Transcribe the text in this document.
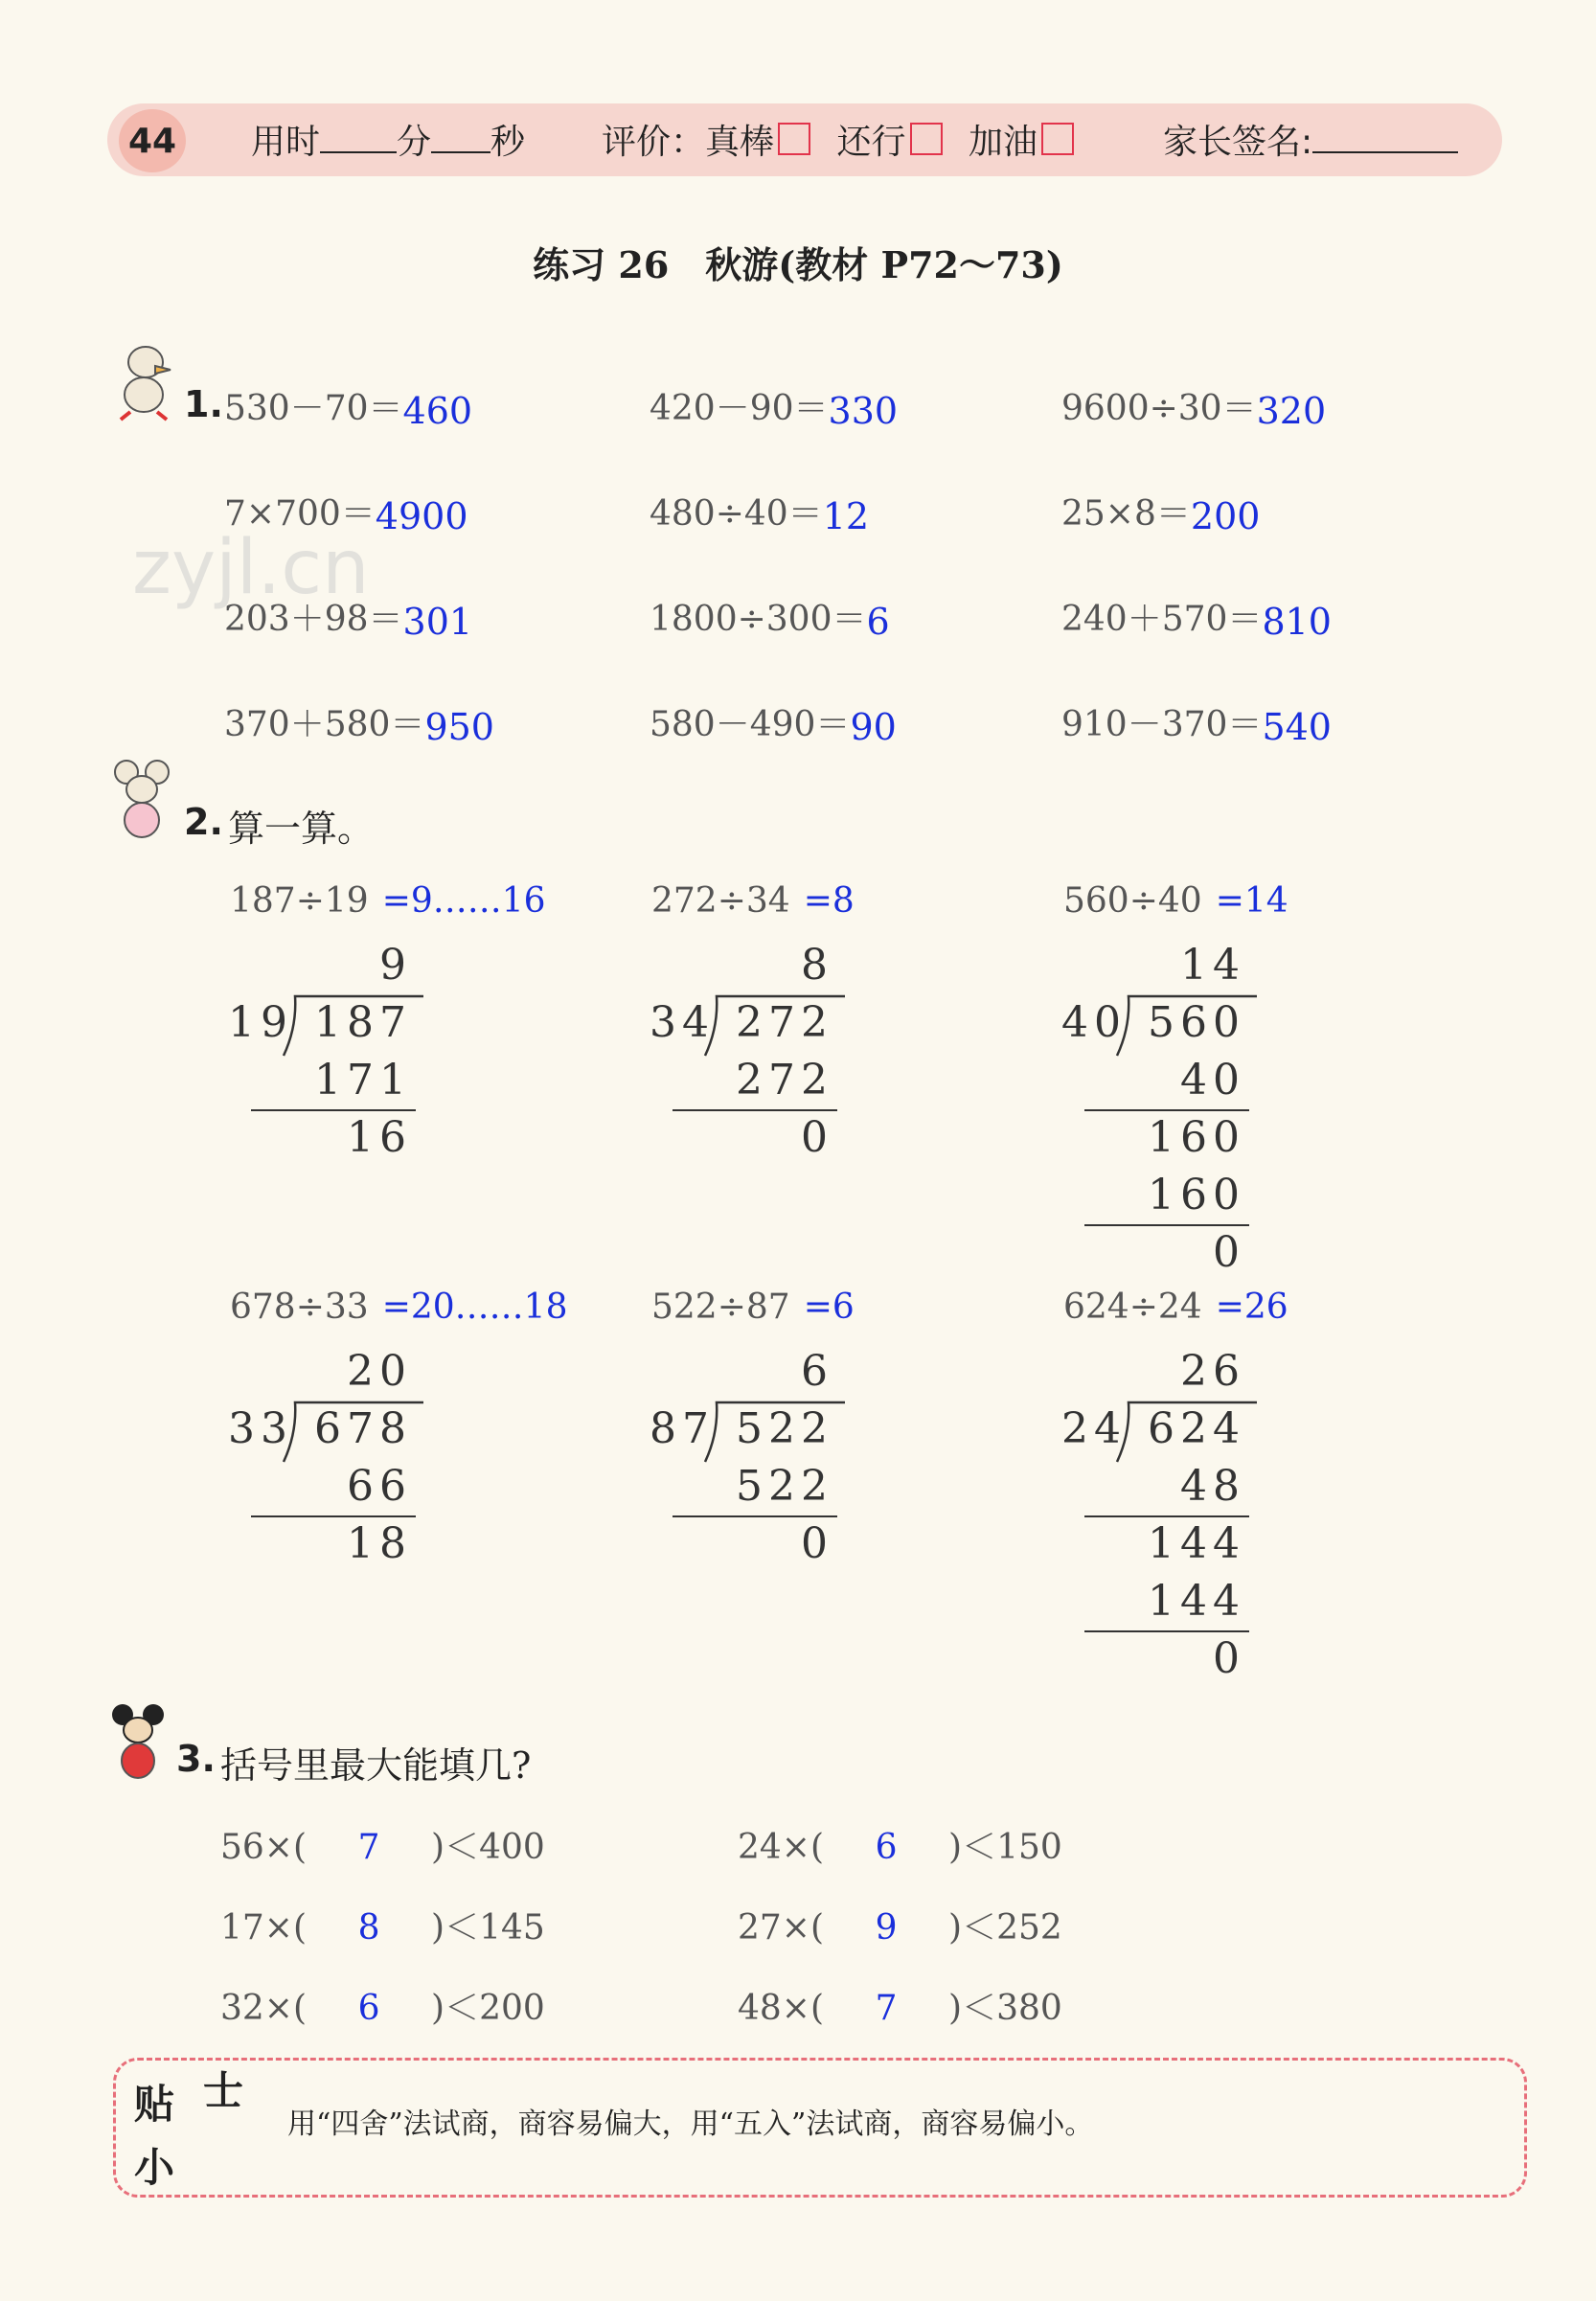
zyjl.cn
44 用时 分 秒 评价：真棒 还行 加油	家长签名:
练习 26　秋游(教材 P72～73)
1. 530－70＝460	420－90＝330	9600÷30＝320
7×700＝4900	480÷40＝12	25×8＝200
203＋98＝301	1800÷300＝6	240＋570＝810
370＋580＝950	580－490＝90	910－370＝540
2. 算一算。
187÷19 =9……16
9
187
19
171
16
272÷34 =8
8
272
34
272
0
560÷40 =14
14
560
40
40
160
160
0
678÷33 =20……18
20
678
33
66
18
522÷87 =6
6
522
87
522
0
624÷24 =26
26
624
24
48
144
144
0
3. 括号里最大能填几?
56×( 7 )＜400	24×( 6 )＜150
17×( 8 )＜145	27×( 9 )＜252
32×( 6 )＜200	48×( 7 )＜380
贴 士
小
用“四舍”法试商，商容易偏大，用“五入”法试商，商容易偏小。
